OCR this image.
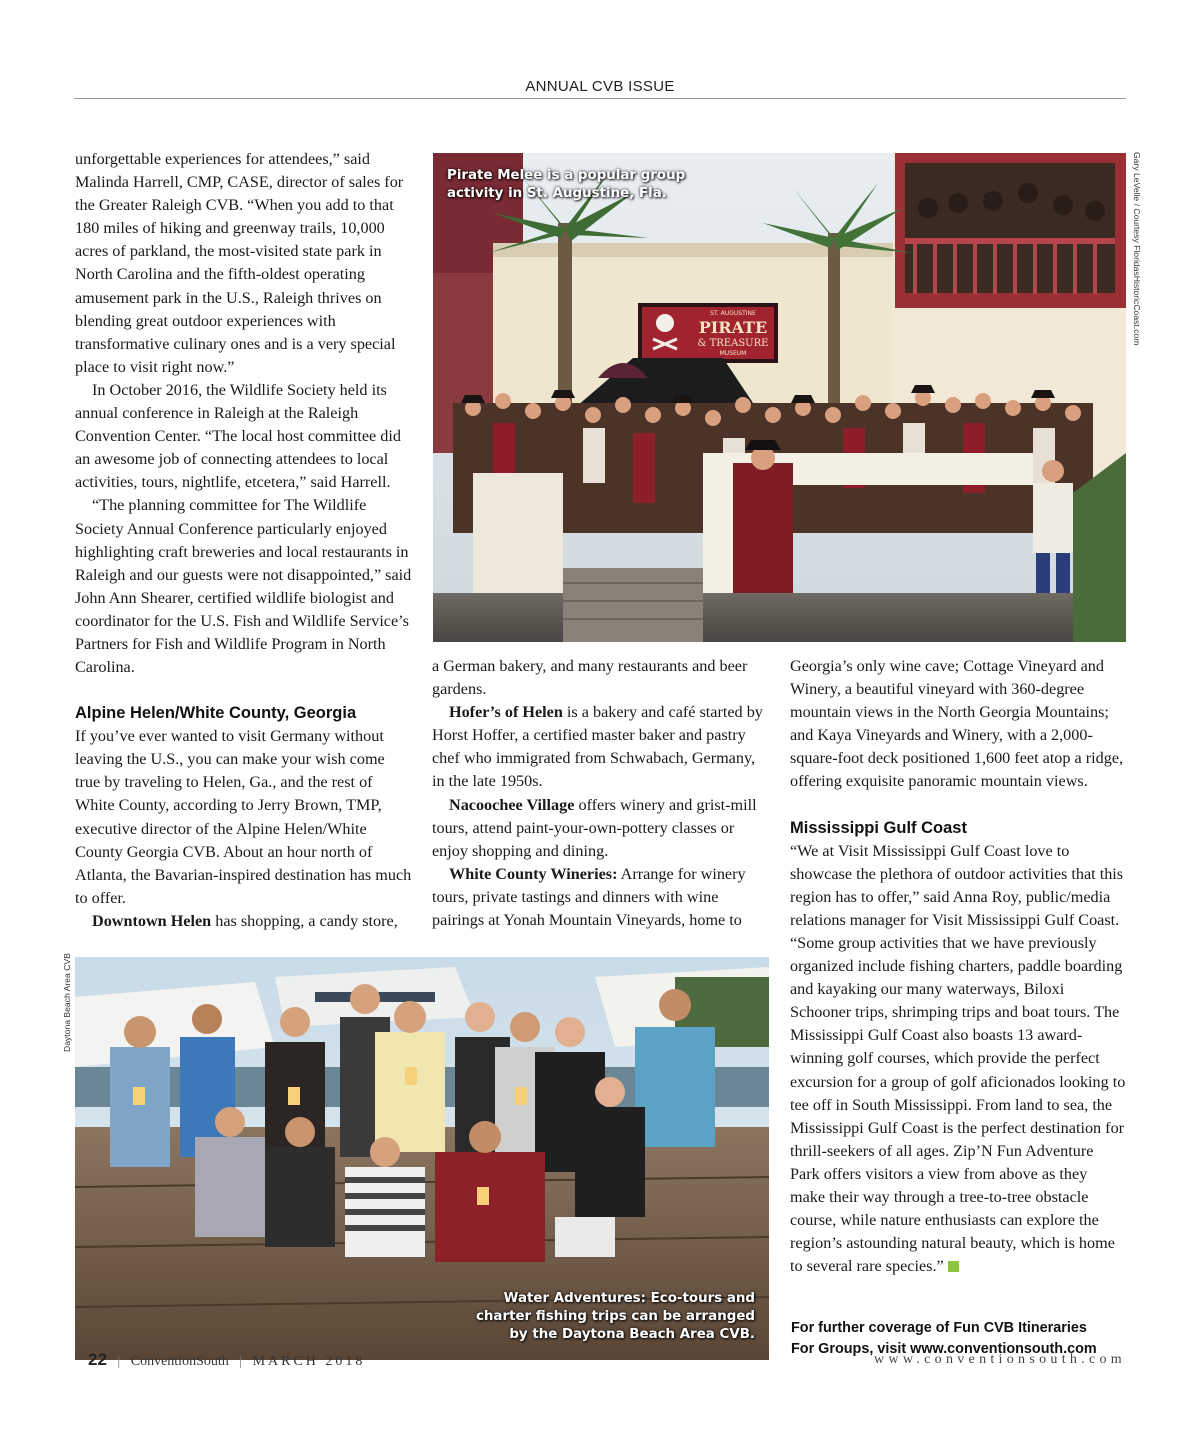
ANNUAL CVB ISSUE

unforgettable experiences for attendees,” said Malinda Harrell, CMP, CASE, director of sales for the Greater Raleigh CVB. “When you add to that 180 miles of hiking and greenway trails, 10,000 acres of parkland, the most-visited state park in North Carolina and the fifth-oldest operating amusement park in the U.S., Raleigh thrives on blending great outdoor experiences with transformative culinary ones and is a very special place to visit right now.”

In October 2016, the Wildlife Society held its annual conference in Raleigh at the Raleigh Convention Center. “The local host committee did an awesome job of connecting attendees to local activities, tours, nightlife, etcetera,” said Harrell.

“The planning committee for The Wildlife Society Annual Conference particularly enjoyed highlighting craft breweries and local restaurants in Raleigh and our guests were not disappointed,” said John Ann Shearer, certified wildlife biologist and coordinator for the U.S. Fish and Wildlife Service’s Partners for Fish and Wildlife Program in North Carolina.

Alpine Helen/White County, Georgia

If you’ve ever wanted to visit Germany without leaving the U.S., you can make your wish come true by traveling to Helen, Ga., and the rest of White County, according to Jerry Brown, TMP, executive director of the Alpine Helen/White County Georgia CVB. About an hour north of Atlanta, the Bavarian-inspired destination has much to offer.

Downtown Helen has shopping, a candy store,

a German bakery, and many restaurants and beer gardens.

Hofer’s of Helen is a bakery and café started by Horst Hoffer, a certified master baker and pastry chef who immigrated from Schwabach, Germany, in the late 1950s.

Nacoochee Village offers winery and grist-mill tours, attend paint-your-own-pottery classes or enjoy shopping and dining.

White County Wineries: Arrange for winery tours, private tastings and dinners with wine pairings at Yonah Mountain Vineyards, home to

Georgia’s only wine cave; Cottage Vineyard and Winery, a beautiful vineyard with 360-degree mountain views in the North Georgia Mountains; and Kaya Vineyards and Winery, with a 2,000-square-foot deck positioned 1,600 feet atop a ridge, offering exquisite panoramic mountain views.

Mississippi Gulf Coast

“We at Visit Mississippi Gulf Coast love to showcase the plethora of outdoor activities that this region has to offer,” said Anna Roy, public/media relations manager for Visit Mississippi Gulf Coast. “Some group activities that we have previously organized include fishing charters, paddle boarding and kayaking our many waterways, Biloxi Schooner trips, shrimping trips and boat tours. The Mississippi Gulf Coast also boasts 13 award-winning golf courses, which provide the perfect excursion for a group of golf aficionados looking to tee off in South Mississippi. From land to sea, the Mississippi Gulf Coast is the perfect destination for thrill-seekers of all ages. Zip’N Fun Adventure Park offers visitors a view from above as they make their way through a tree-to-tree obstacle course, while nature enthusiasts can explore the region’s astounding natural beauty, which is home to several rare species.”

For further coverage of Fun CVB Itineraries
For Groups, visit www.conventionsouth.com
ST. AUGUSTINE
PIRATE
& TREASURE
MUSEUM
Pirate Melee is a popular group activity in St. Augustine, Fla.	Gary LeVelle / Courtesy FloridasHistoricCoast.com
Water Adventures: Eco-tours and charter fishing trips can be arranged by the Daytona Beach Area CVB.
Daytona Beach Area CVB
22 | ConventionSouth | MARCH 2018	www.conventionsouth.com
